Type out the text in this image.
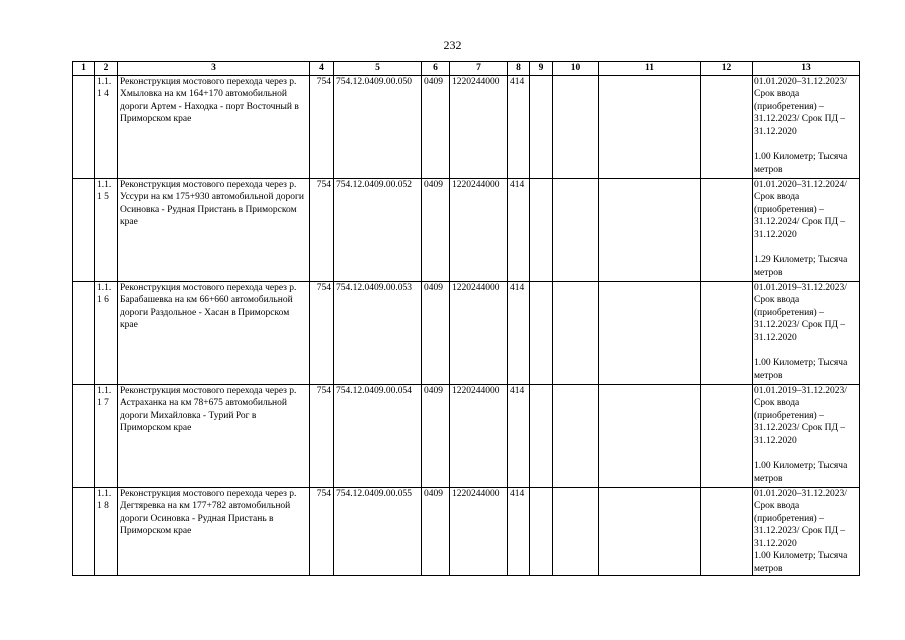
232
1	2	3	4	5	6	7	8	9	10	11	12	13
	1.1.1 4	Реконструкция мостового перехода через р. Хмыловка на км 164+170 автомобильной дороги Артем - Находка - порт Восточный в Приморском крае	754	754.12.0409.00.050	0409	1220244000	414					01.01.2020–31.12.2023/ Срок ввода (приобретения) – 31.12.2023/ Срок ПД – 31.12.2020
1.00 Километр; Тысяча метров
	1.1.1 5	Реконструкция мостового перехода через р. Уссури на км 175+930 автомобильной дороги Осиновка - Рудная Пристань в Приморском крае	754	754.12.0409.00.052	0409	1220244000	414					01.01.2020–31.12.2024/ Срок ввода (приобретения) – 31.12.2024/ Срок ПД – 31.12.2020
1.29 Километр; Тысяча метров
	1.1.1 6	Реконструкция мостового перехода через р. Барабашевка на км 66+660 автомобильной дороги Раздольное - Хасан в Приморском крае	754	754.12.0409.00.053	0409	1220244000	414					01.01.2019–31.12.2023/ Срок ввода (приобретения) – 31.12.2023/ Срок ПД – 31.12.2020
1.00 Километр; Тысяча метров
	1.1.1 7	Реконструкция мостового перехода через р. Астраханка на км 78+675 автомобильной дороги Михайловка - Турий Рог в Приморском крае	754	754.12.0409.00.054	0409	1220244000	414					01.01.2019–31.12.2023/ Срок ввода (приобретения) – 31.12.2023/ Срок ПД – 31.12.2020
1.00 Километр; Тысяча метров
	1.1.1 8	Реконструкция мостового перехода через р. Дегтяревка на км 177+782 автомобильной дороги Осиновка - Рудная Пристань в Приморском крае	754	754.12.0409.00.055	0409	1220244000	414					01.01.2020–31.12.2023/ Срок ввода (приобретения) – 31.12.2023/ Срок ПД – 31.12.2020
1.00 Километр; Тысяча метров
